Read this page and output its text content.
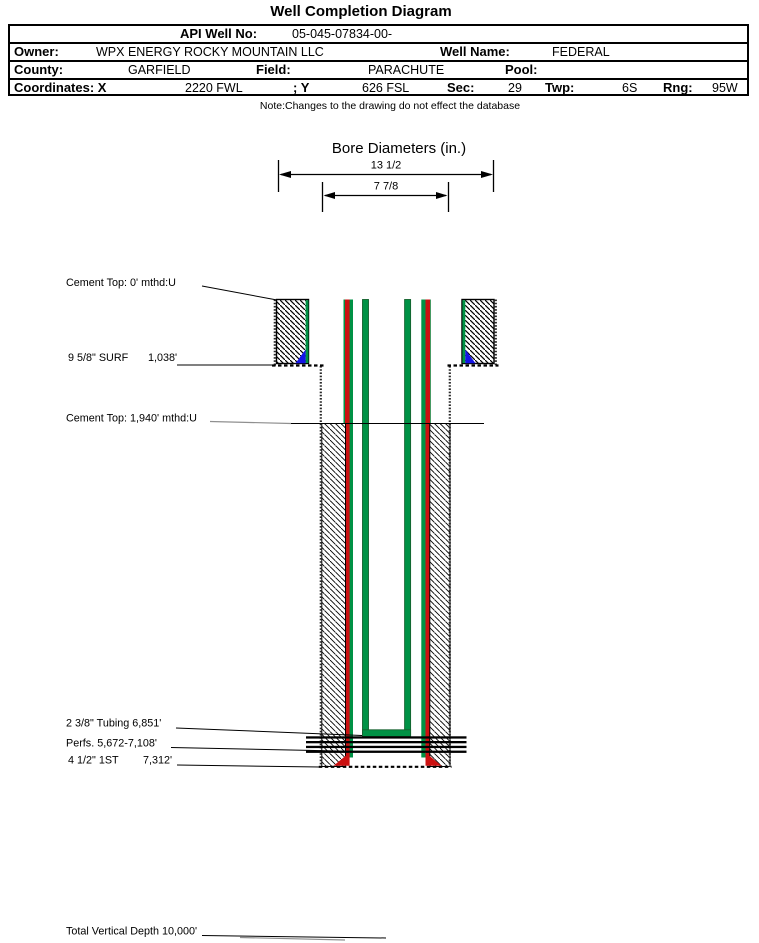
Well Completion Diagram
API Well No:	05-045-07834-00-
Owner:	WPX ENERGY ROCKY MOUNTAIN LLC	Well Name:	FEDERAL
County:	GARFIELD	Field:	PARACHUTE	Pool:
Coordinates: X	2220 FWL	; Y	626 FSL	Sec:	29 Twp:	6S Rng: 95W
Note:Changes to the drawing do not effect the database
Bore Diameters (in.)
13 1/2
7 7/8
Cement Top: 0' mthd:U
9 5/8" SURF 1,038'
Cement Top: 1,940' mthd:U
2 3/8" Tubing 6,851'
Perfs. 5,672-7,108'
4 1/2" 1ST 7,312'
Total Vertical Depth 10,000'
